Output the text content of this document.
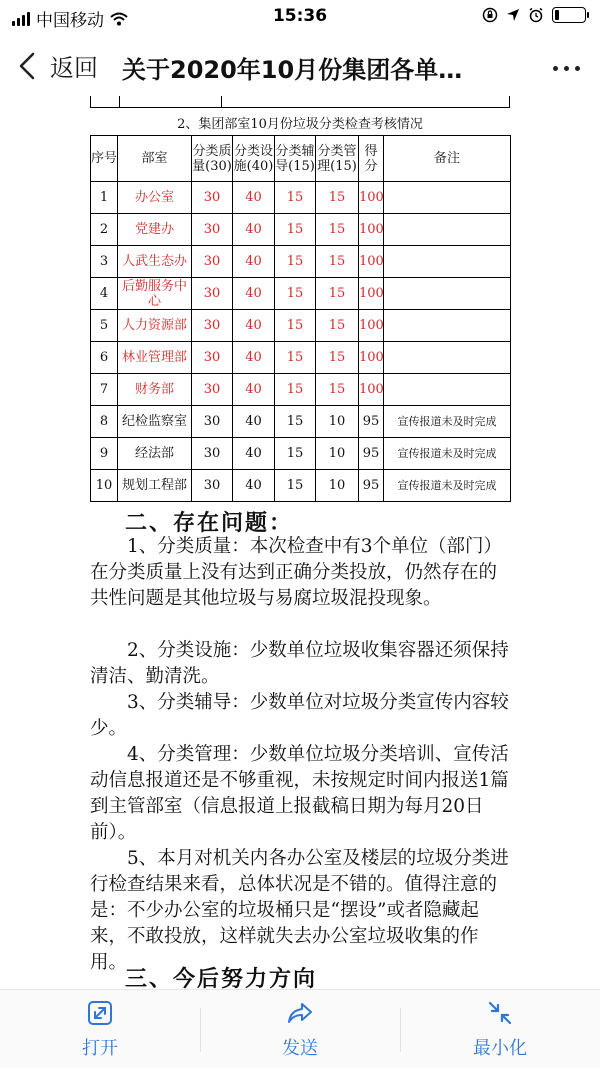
中国移动	15:36
返回 关于2020年10月份集团各单…
2、集团部室10月份垃圾分类检查考核情况
序号	部室	分类质量(30)	分类设施(40)	分类辅导(15)	分类管理(15)	得分	备注
1	办公室	30	40	15	15	100	
2	党建办	30	40	15	15	100	
3	人武生态办	30	40	15	15	100	
4	后勤服务中心	30	40	15	15	100	
5	人力资源部	30	40	15	15	100	
6	林业管理部	30	40	15	15	100	
7	财务部	30	40	15	15	100	
8	纪检监察室	30	40	15	10	95	宣传报道未及时完成
9	经法部	30	40	15	10	95	宣传报道未及时完成
10	规划工程部	30	40	15	10	95	宣传报道未及时完成
二、存在问题：
1、分类质量：本次检查中有3个单位（部门）在分类质量上没有达到正确分类投放，仍然存在的共性问题是其他垃圾与易腐垃圾混投现象。
2、分类设施：少数单位垃圾收集容器还须保持清洁、勤清洗。
3、分类辅导：少数单位对垃圾分类宣传内容较少。
4、分类管理：少数单位垃圾分类培训、宣传活动信息报道还是不够重视，未按规定时间内报送1篇到主管部室（信息报道上报截稿日期为每月20日前）。
5、本月对机关内各办公室及楼层的垃圾分类进行检查结果来看，总体状况是不错的。值得注意的是：不少办公室的垃圾桶只是“摆设”或者隐藏起来，不敢投放，这样就失去办公室垃圾收集的作用。
三、今后努力方向
打开	发送	最小化
